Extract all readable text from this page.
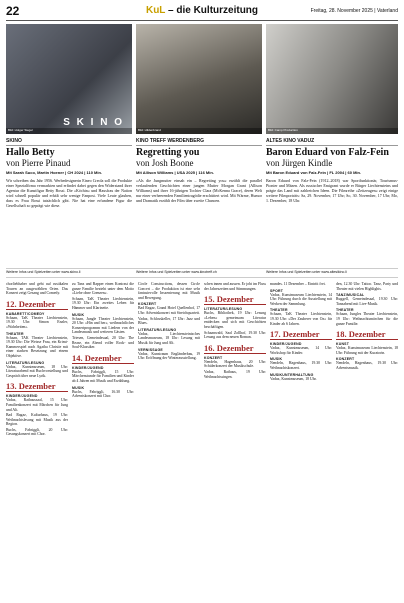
22	KuL – die Kulturzeitung	Freitag, 28. November 2025 | Vaterland
S K I N O
Bild: Holger Siegel	Bild: Hildenbrand	Bild: Camp Production
SKINO
Hallo Betty
von Pierre Pinaud
Mit Sarah Suco, Martin Hoener | CH 2024 | 110 Min.
Wir schreiben das Jahr 1956. Werbedesignerin Eineo Creola soll die Produkte einer Spezialfirma vermarkten und erfindet dabei gegen den Widerstand ihrer Agentur die Kunstfigur Betty Bossi. Die »Köchin« und Hausfrau der Nation wird schnell populär und erhält sehr wenige Fanpost. Viele Leute glauben, dass es Frau Bossi tatsächlich gibt. Nie hat eine erfundene Figur die Gesellschaft so geprägt wie diese.
KINO TREFF WERDENBERG
Regretting you
von Josh Boone
Mit Allison Williams | USA 2025 | 116 Min.
»Als die Jungmutter einsah ein – Regretting you« erzählt die parallel verlaufenden Geschichten einer jungen Mutter Morgan Grant (Allison Williams) und ihrer 16-jährigen Tochter Clara (McKenna Grace), deren Welt nur einer verheerenden Familientragödie erschüttert wird. Mit Wärme, Humor und Dramatik erzählt der Film über zweite Chancen.
ALTES KINO VADUZ
Baron Eduard von Falz-Fein
von Jürgen Kindle
Mit Baron Eduard von Falz-Fein | FL 2004 | 60 Min.
Baron Eduard von Falz-Fein (1912–2018) war Sportfunktionär, Tourismus-Pionier und Mäzen. Als russischer Emigrant wurde er Bürger Liechtensteins und prägte das Land mit zahlreichen Ideen. Die Filmreihe »Zeitzeugen« zeigt einige weitere Filmporträts: Sa, 29. November, 17 Uhr; So, 30. November, 17 Uhr; Mo, 1. Dezember, 18 Uhr.
Weitere Infos und Spielzeiten unter www.skino.li	Weitere Infos und Spielzeiten unter www.kinotreff.ch	Weitere Infos und Spielzeiten unter www.altesikino.li
chorliebhaber und geht auf rustikalen Touren an ausgewählten Orten. Das Konzert zeigt Gesang und Comedy.
12. Dezember
KABARETT/COMEDY
Schaan, TaK Theater Liechtenstein, 19.30 Uhr: Simon Enzler, »Wahrheiten«.
THEATER
Schaan, TAK Theater Liechtenstein, 19.30 Uhr: Die Weisse Frau, ein Krimi-Kammerspiel nach Agatha Christie mit einer starken Besetzung und einem Objektive.
LITERATUR/LESUNG
Vaduz, Kunstmuseum, 18 Uhr: Literaturabend mit Buchvorstellung und Gespräch über neue Lyrik.
13. Dezember
KINDER/JUGEND
Vaduz, Rathaussaal, 15 Uhr: Familienkonzert mit Märchen für Jung und Alt.
Bad Ragaz, Kulturhaus, 19 Uhr: Weihnachtslesung mit Musik aus der Region.
Buchs, Fabriggli, 20 Uhr: Gesangskonzert mit Chor.
zu Tanz und Rapper einen Kontrast die ganze Familie bezieht unter dem Motto »Liebe ohne Grenzen«.
Schaan, TaK Theater Liechtenstein, 19.30 Uhr: Ein zweites Leben für Hämmer und Klarinette.
MUSIK
Schaan, Jungle Theater Liechtenstein, 20 Uhr: »Hin und her«, weihnachtliches Konzertprogramm mit Liedern von der Landesmusik und weiteren Gästen.
Triesen, Gemeindesaal, 20 Uhr: The Rease, ein Abend voller Rock- und Soul-Klassiker.
14. Dezember
KINDER/JUGEND
Buchs, Fabriggli, 15 Uhr: Märchenstunde für Familien und Kinder ab 4 Jahren mit Musik und Erzählung.
MUSIK
Buchs, Fabriggli, 16.30 Uhr: Adventskonzert mit Chor.
Circle Constructions, dessen Circle Concert – die Produktion ist eine sehr fantasievolle Inszenierung mit Musik und Bewegung.
KONZERT
Bad Ragaz, Grand Hotel Quellenhof, 17 Uhr: Adventskonzert mit Streichquartett.
Vaduz, Schlosskeller, 17 Uhr: Jazz und Blues.
LITERATUR/LESUNG
Vaduz, Liechtensteinisches Landesmuseum, 18 Uhr: Lesung mit Musik für Jung und Alt.
VERNISSAGE
Vaduz, Kunstraum Engländerbau, 19 Uhr: Eröffnung der Winterausstellung.
schen innen und aussen. Er jobt im Fluss der Jahreszeiten und Stimmungen.
15. Dezember
LITERATUR/LESUNG
Buchs, Bibliothek, 19 Uhr: Lesung »Leben« gemeinsam Literatur entdecken und sich mit Geschichten beschäftigen.
Schaanwald, Saal Zollhof, 19.30 Uhr: Lesung aus dem neuen Roman.
16. Dezember
KONZERT
Nendeln, Hagenhaus, 20 Uhr: Schülerkonzert der Musikschule.
Vaduz, Rathaus, 19 Uhr: Weihnachtssingen.
mundes. 11 Dezember – Eintritt frei.
SPORT
Vaduz, Kunstmuseum Liechtenstein, 14 Uhr: Führung durch die Ausstellung mit Werken der Sammlung.
THEATER
Schaan, TaK Theater Liechtenstein, 19.30 Uhr: »Der Zauberer von Oz« für Kinder ab 6 Jahren.
17. Dezember
KINDER/JUGEND
Vaduz, Kunstmuseum, 14 Uhr: Workshop für Kinder.
MUSIK
Nendeln, Hagenhaus, 19.30 Uhr: Weihnachtskonzert.
MUSIKUNTERHALTUNG
Vaduz, Kunstmuseum, 18 Uhr.
den, 12.30 Uhr: Tattoo. Tanz, Party und Theater mit vielen Highlights.
TANZ/MUSICAL
Ruggell, Gemeindesaal, 19.30 Uhr: Tanzabend mit Live-Musik.
THEATER
Schaan, Jungles Theater Liechtenstein, 19 Uhr: Weihnachtsmärchen für die ganze Familie.
18. Dezember
KUNST
Vaduz, Kunstmuseum Liechtenstein, 18 Uhr: Führung mit der Kuratorin.
KONZERT
Nendeln, Hagenhaus, 19.30 Uhr: Adventsmusik.
